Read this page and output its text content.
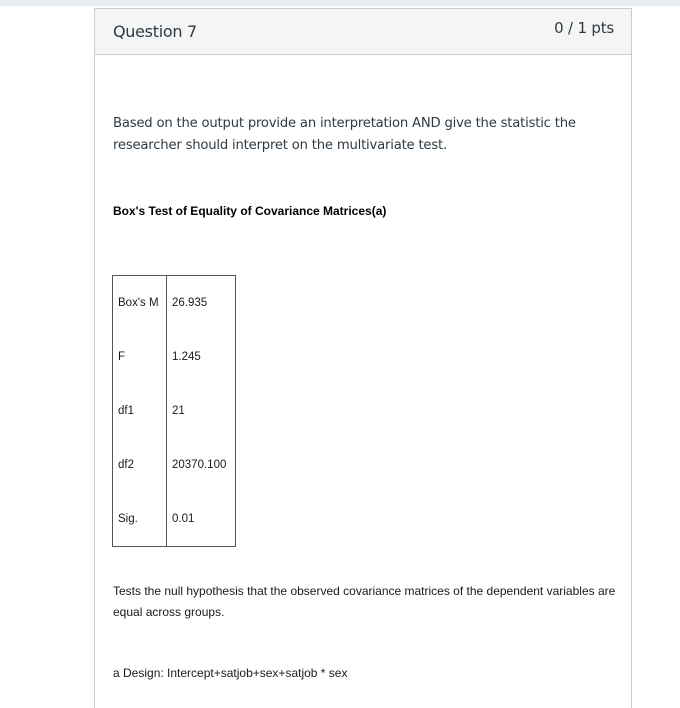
Question 7	0 / 1 pts
Based on the output provide an interpretation AND give the statistic the researcher should interpret on the multivariate test.
Box's Test of Equality of Covariance Matrices(a)
Box's M	26.935
F	1.245
df1	21
df2	20370.100
Sig.	0.01
Tests the null hypothesis that the observed covariance matrices of the dependent variables are equal across groups.
a Design: Intercept+satjob+sex+satjob * sex
